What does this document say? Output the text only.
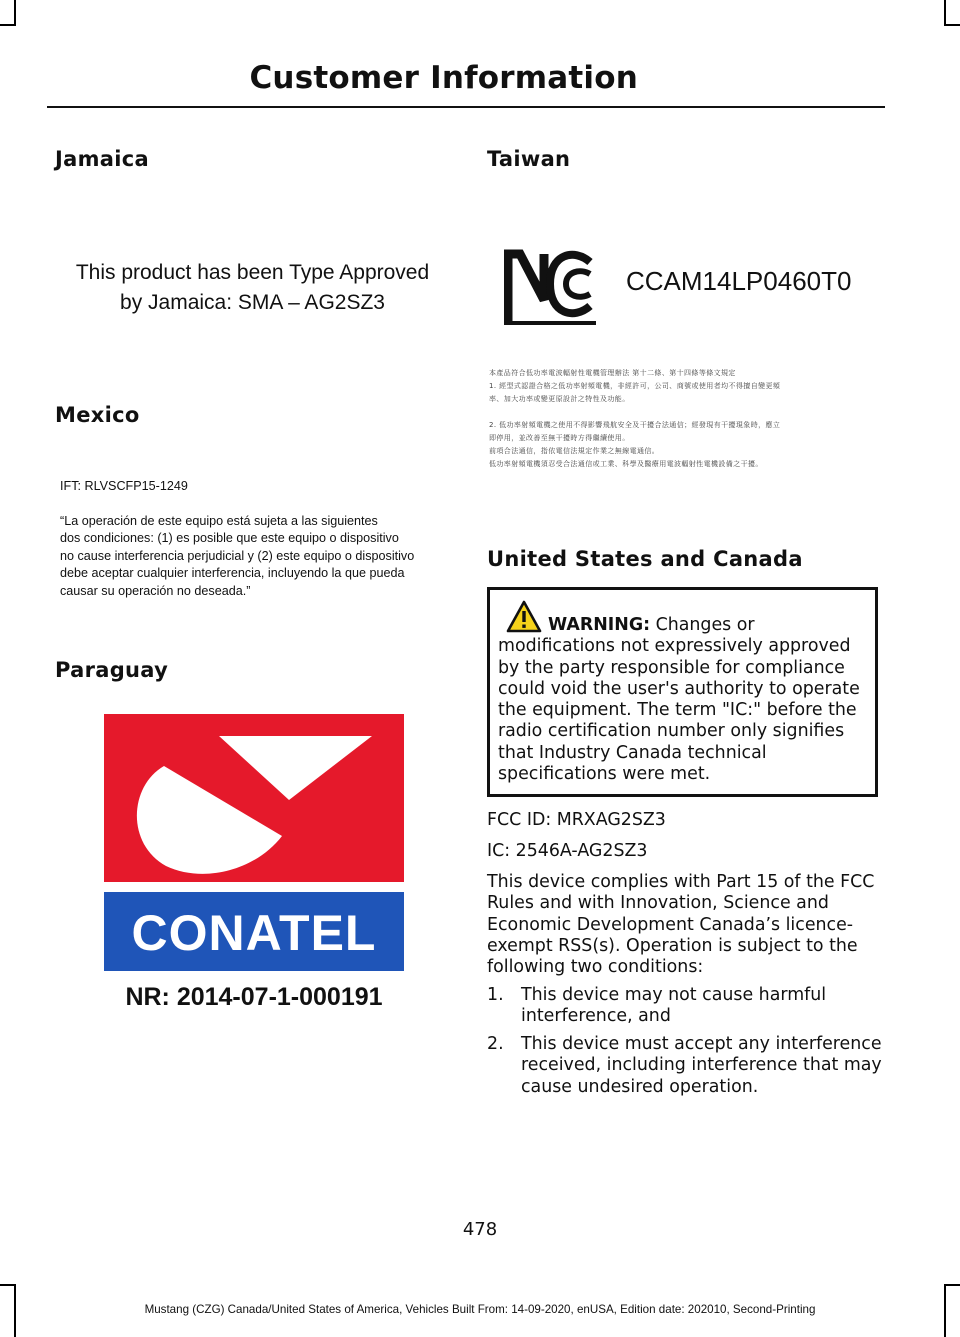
Customer Information
Jamaica
This product has been Type Approved
by Jamaica: SMA – AG2SZ3
Mexico
IFT: RLVSCFP15-1249
“La operación de este equipo está sujeta a las siguientes
dos condiciones: (1) es posible que este equipo o dispositivo
no cause interferencia perjudicial y (2) este equipo o dispositivo
debe aceptar cualquier interferencia, incluyendo la que pueda
causar su operación no deseada.”
Paraguay
CONATEL
NR: 2014-07-1-000191
Taiwan
CCAM14LP0460T0
本產品符合低功率電波輻射性電機管理辦法 第十二條、第十四條等條文規定
1. 經型式認證合格之低功率射頻電機，非經許可，公司、商號或使用者均不得擅自變更頻
率、加大功率或變更原設計之特性及功能。
2. 低功率射頻電機之使用不得影響飛航安全及干擾合法通信；經發現有干擾現象時，應立
即停用，並改善至無干擾時方得繼續使用。
前項合法通信，指依電信法規定作業之無線電通信。
低功率射頻電機須忍受合法通信或工業、科學及醫療用電波輻射性電機設備之干擾。
United States and Canada
WARNING: Changes or modifications not expressively approved by the party responsible for compliance could void the user's authority to operate the equipment. The term "IC:" before the radio certification number only signifies that Industry Canada technical specifications were met.
FCC ID: MRXAG2SZ3
IC: 2546A-AG2SZ3
This device complies with Part 15 of the FCC Rules and with Innovation, Science and Economic Development Canada’s licence-exempt RSS(s). Operation is subject to the following two conditions:
1. This device may not cause harmful interference, and
2. This device must accept any interference received, including interference that may cause undesired operation.
478
Mustang (CZG) Canada/United States of America, Vehicles Built From: 14-09-2020, enUSA, Edition date: 202010, Second-Printing
